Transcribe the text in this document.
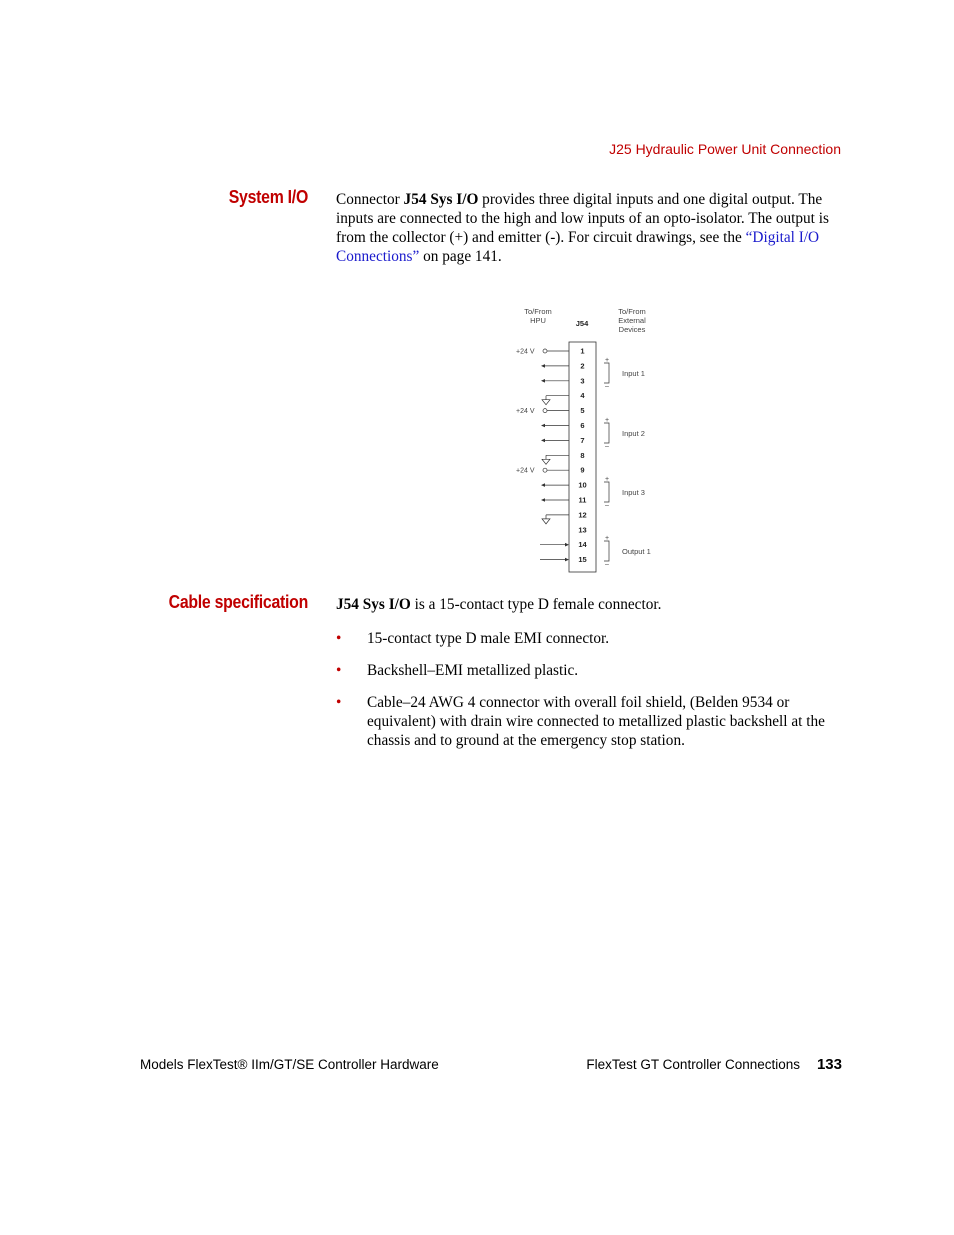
J25 Hydraulic Power Unit Connection
System I/O Connector J54 Sys I/O provides three digital inputs and one digital output. The inputs are connected to the high and low inputs of an opto-isolator. The output is from the collector (+) and emitter (-). For circuit drawings, see the “Digital I/O Connections” on page 141.
To/From
HPU	J54
To/From
External
Devices
1
2
3
4
5
6
7
8
9
10
11
12
13
14
15
+24 V
+24 V
+24 V
+
–
Input 1
+
–
Input 2
+
–
Input 3
+
–
Output 1
Cable specification J54 Sys I/O is a 15-contact type D female connector.
• 15-contact type D male EMI connector.
• Backshell–EMI metallized plastic.
• Cable–24 AWG 4 connector with overall foil shield, (Belden 9534 or equivalent) with drain wire connected to metallized plastic backshell at the chassis and to ground at the emergency stop station.
Models FlexTest® IIm/GT/SE Controller Hardware	FlexTest GT Controller Connections 133
